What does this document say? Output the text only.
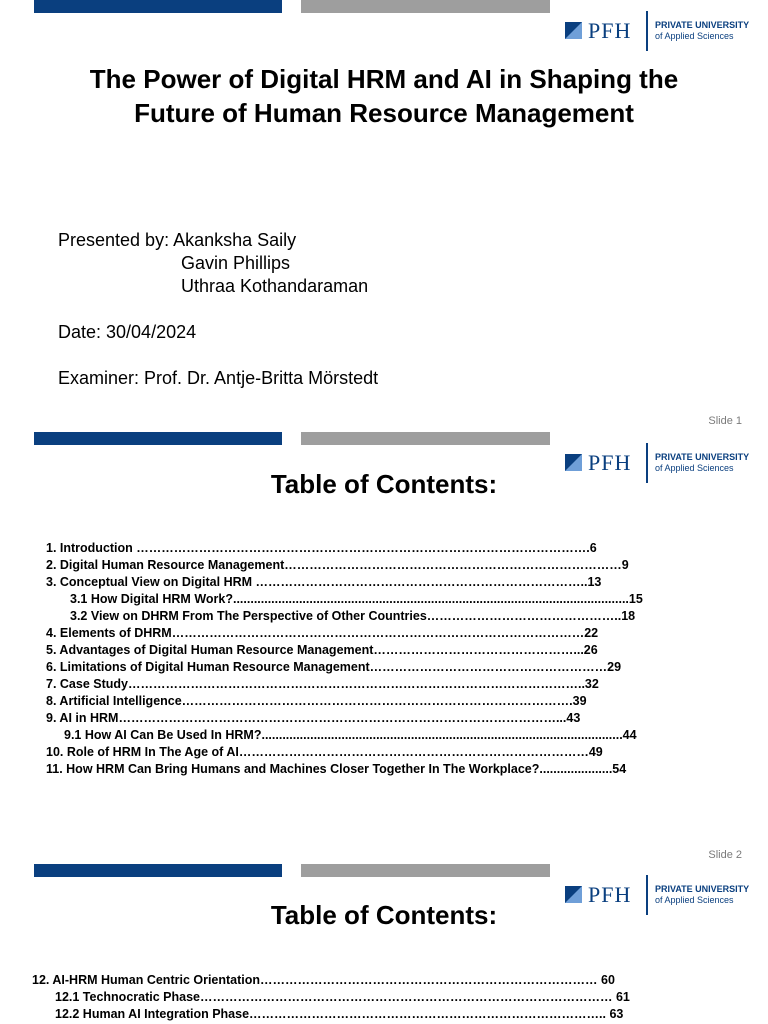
PFH	PRIVATE UNIVERSITY
of Applied Sciences
The Power of Digital HRM and AI in Shaping the
Future of Human Resource Management
Presented by: Akanksha Saily
Gavin Phillips
Uthraa Kothandaraman
Date: 30/04/2024
Examiner: Prof. Dr. Antje-Britta Mörstedt
Slide 1
PFH	PRIVATE UNIVERSITY
of Applied Sciences
Table of Contents:
1. Introduction ……………………………………………………………………………………………….6
2. Digital Human Resource Management………………………………………………………………………9
3. Conceptual View on Digital HRM ……………………………………………………………………..13
3.1 How Digital HRM Work?..................................................................................................................15
3.2 View on DHRM From The Perspective of Other Countries………………………………………..18
4. Elements of DHRM………………………………………………………………………………………22
5. Advantages of Digital Human Resource Management…………………………………………...26
6. Limitations of Digital Human Resource Management…………………………………………………29
7. Case Study………………………………………………………………………………………………..32
8. Artificial Intelligence………………………………………………………………………………….39
9. AI in HRM……………………………………………………………………………………………...43
9.1 How AI Can Be Used In HRM?........................................................................................................44
10. Role of HRM In The Age of AI…………………………………………………………………………49
11. How HRM Can Bring Humans and Machines Closer Together In The Workplace?.....................54
Slide 2
PFH	PRIVATE UNIVERSITY
of Applied Sciences
Table of Contents:
12. AI-HRM Human Centric Orientation……………………………………………………………………… 60
12.1 Technocratic Phase……………………………………………………………………………………… 61
12.2 Human AI Integration Phase………………………………………………………………………….. 63
